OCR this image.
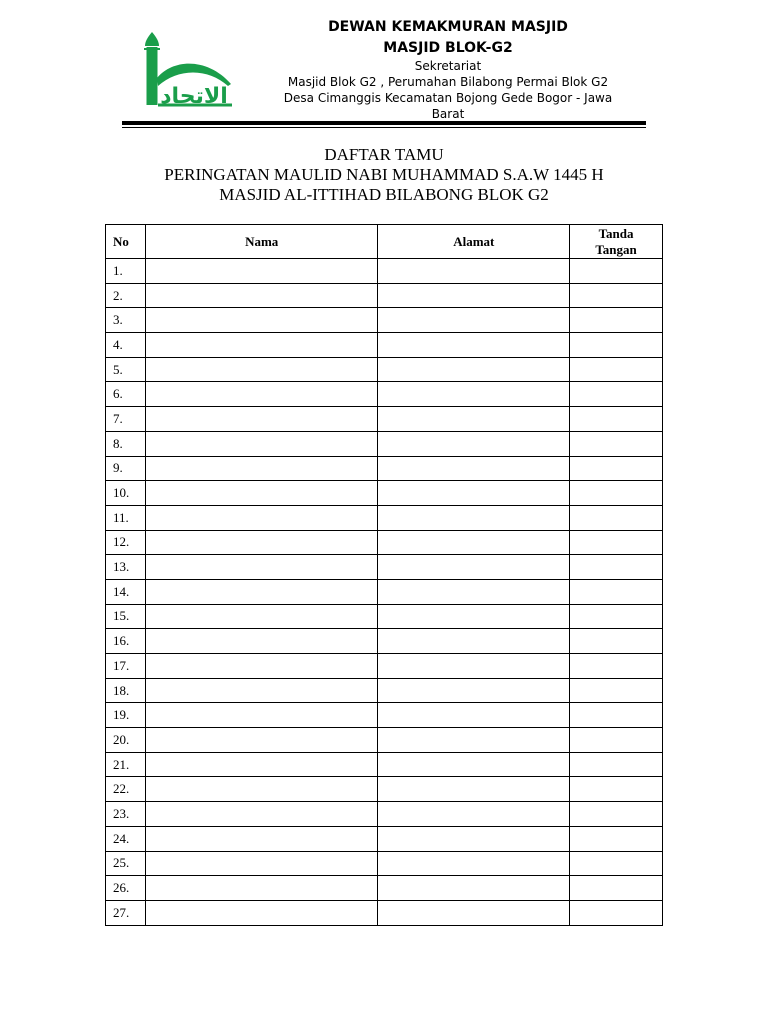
الاتحاد
DEWAN KEMAKMURAN MASJID
MASJID BLOK-G2
Sekretariat
Masjid Blok G2 , Perumahan Bilabong Permai Blok G2
Desa Cimanggis Kecamatan Bojong Gede Bogor - Jawa Barat
DAFTAR TAMU
PERINGATAN MAULID NABI MUHAMMAD S.A.W 1445 H
MASJID AL-ITTIHAD BILABONG BLOK G2
No	Nama	Alamat	Tanda
Tangan

1.			
2.			
3.			
4.			
5.			
6.			
7.			
8.			
9.			
10.			
11.			
12.			
13.			
14.			
15.			
16.			
17.			
18.			
19.			
20.			
21.			
22.			
23.			
24.			
25.			
26.			
27.			
